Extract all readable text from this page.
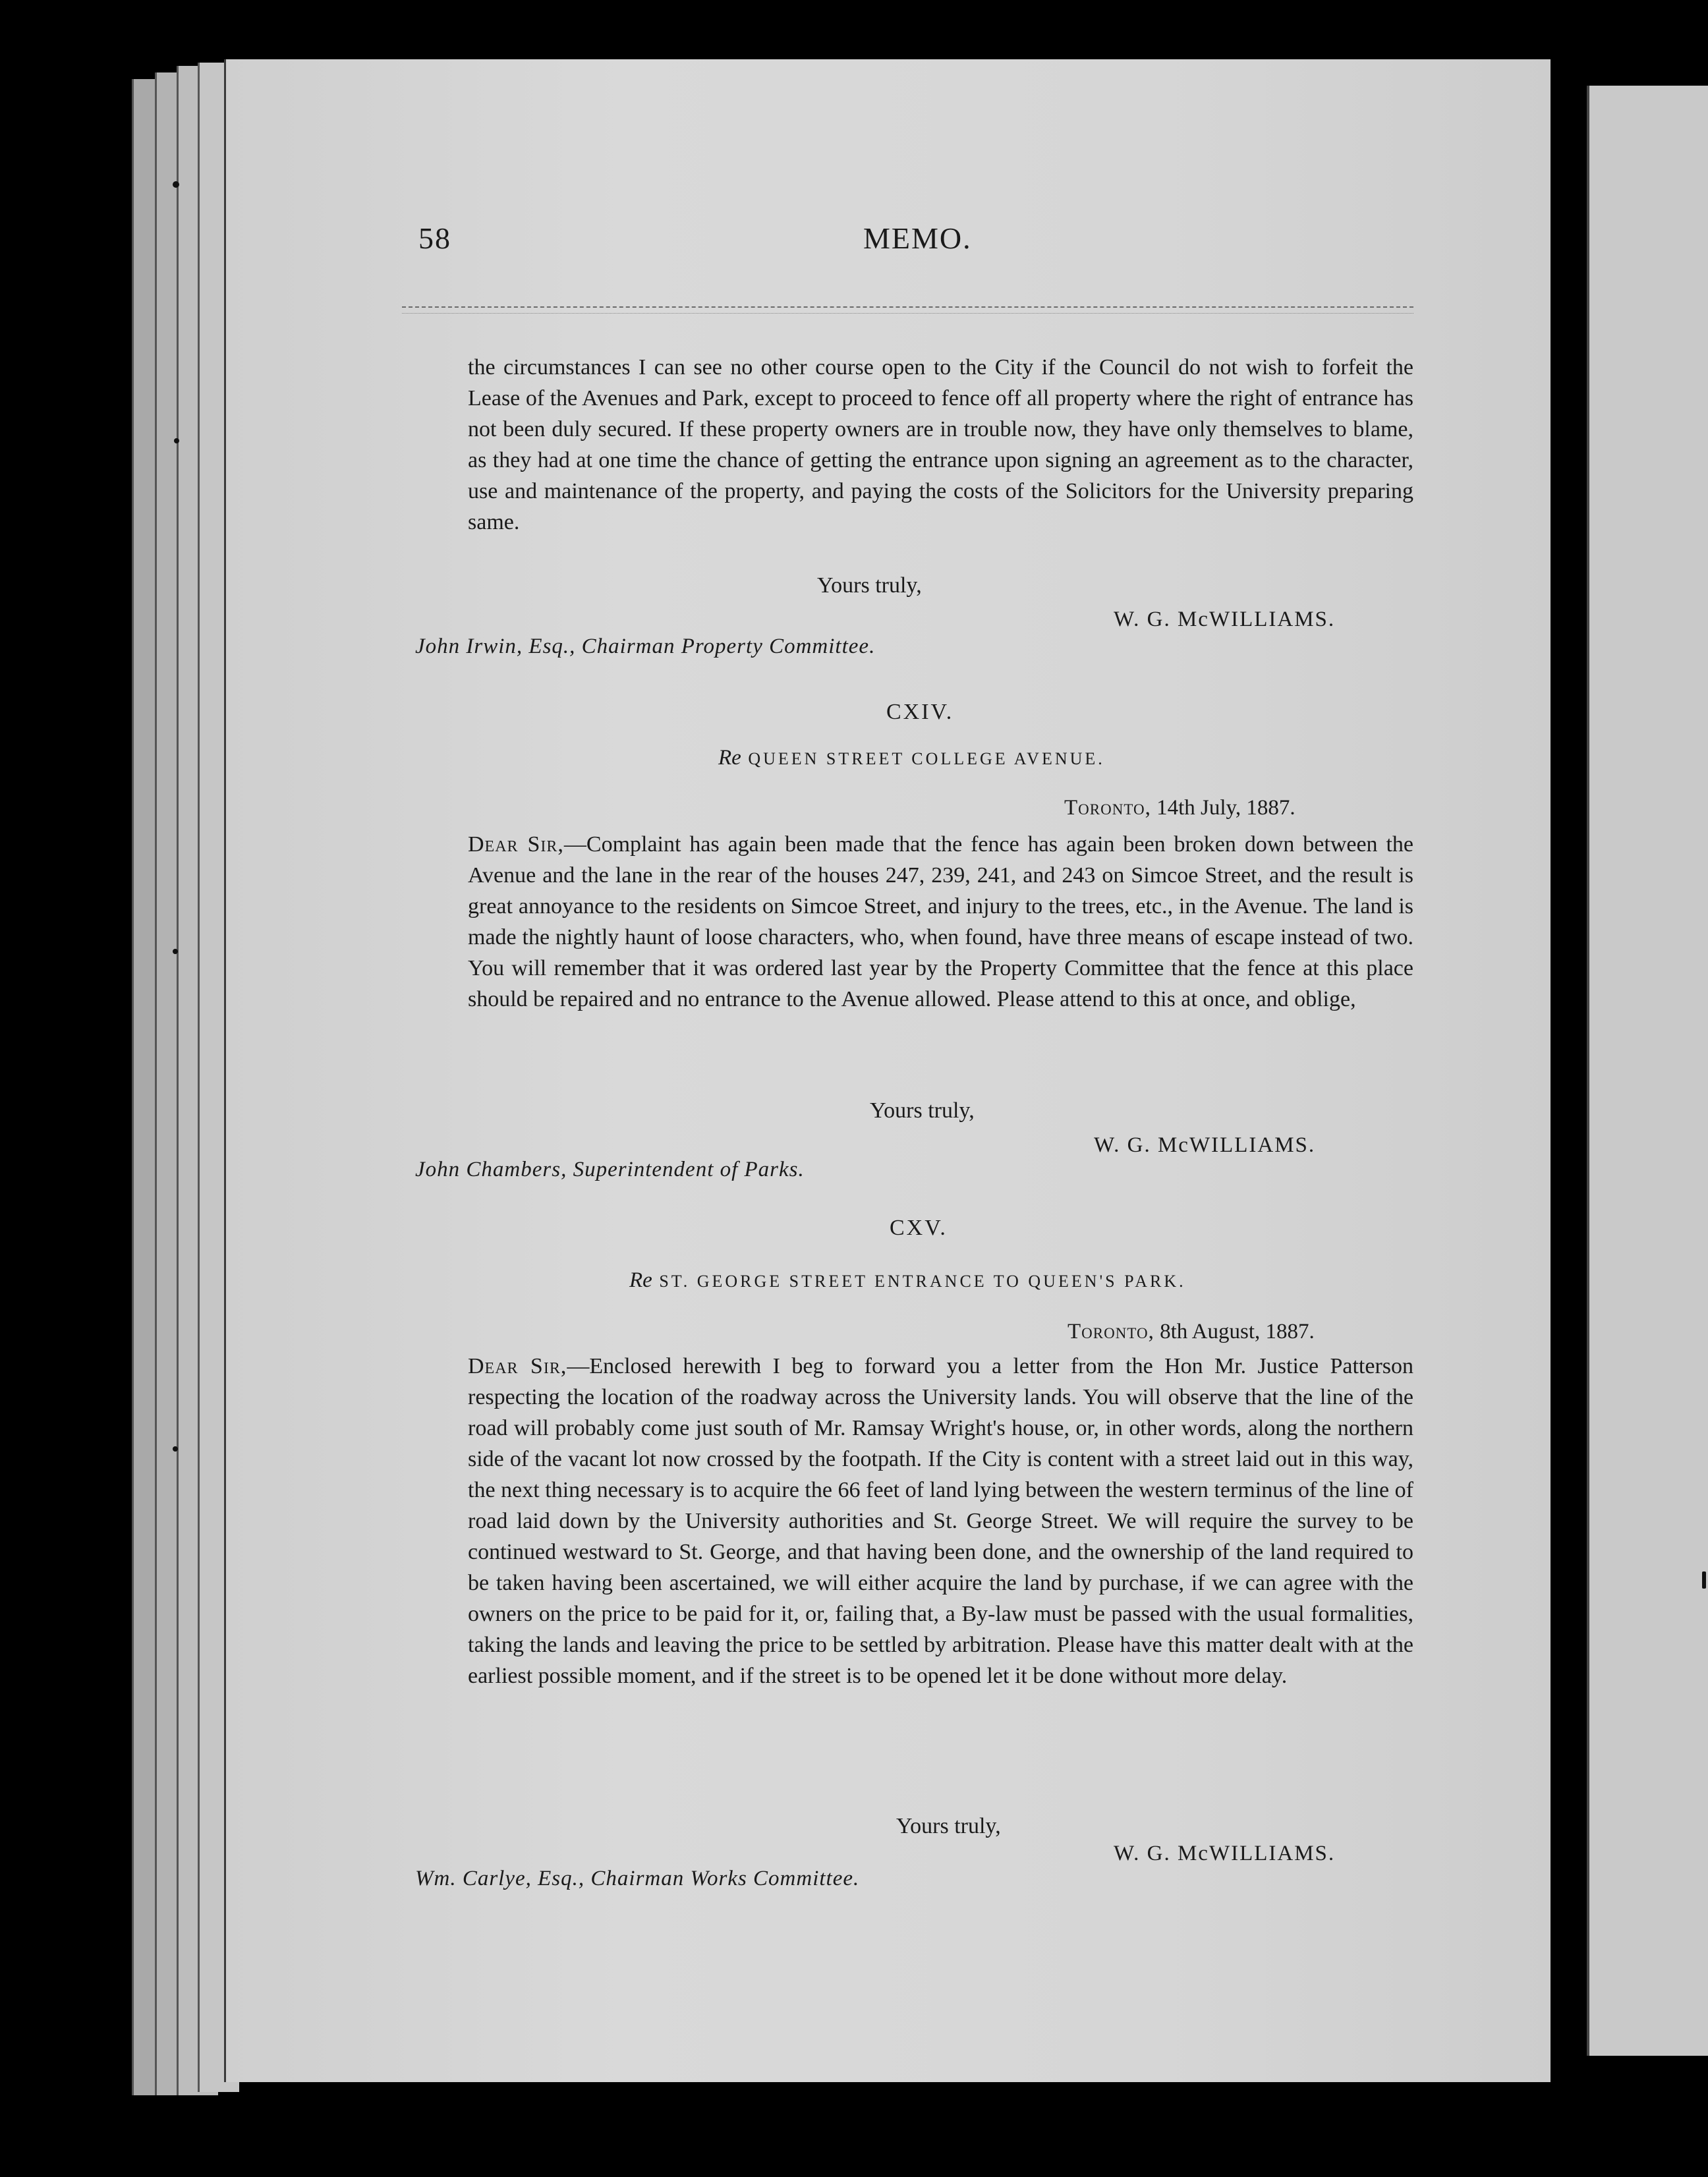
58	MEMO.
the circumstances I can see no other course open to the City if the Council do not wish to forfeit the Lease of the Avenues and Park, except to proceed to fence off all property where the right of entrance has not been duly secured. If these property owners are in trouble now, they have only themselves to blame, as they had at one time the chance of getting the entrance upon signing an agreement as to the character, use and maintenance of the property, and paying the costs of the Solicitors for the University preparing same.
Yours truly,
W. G. McWILLIAMS.
John Irwin, Esq., Chairman Property Committee.
CXIV.
Re QUEEN STREET COLLEGE AVENUE.
Toronto, 14th July, 1887.
Dear Sir,—Complaint has again been made that the fence has again been broken down between the Avenue and the lane in the rear of the houses 247, 239, 241, and 243 on Simcoe Street, and the result is great annoyance to the residents on Simcoe Street, and injury to the trees, etc., in the Avenue. The land is made the nightly haunt of loose characters, who, when found, have three means of escape instead of two. You will remember that it was ordered last year by the Property Committee that the fence at this place should be repaired and no entrance to the Avenue allowed. Please attend to this at once, and oblige,
Yours truly,
W. G. McWILLIAMS.
John Chambers, Superintendent of Parks.
CXV.
Re ST. GEORGE STREET ENTRANCE TO QUEEN'S PARK.
Toronto, 8th August, 1887.
Dear Sir,—Enclosed herewith I beg to forward you a letter from the Hon Mr. Justice Patterson respecting the location of the roadway across the University lands. You will observe that the line of the road will probably come just south of Mr. Ramsay Wright's house, or, in other words, along the northern side of the vacant lot now crossed by the footpath. If the City is content with a street laid out in this way, the next thing necessary is to acquire the 66 feet of land lying between the western terminus of the line of road laid down by the University authorities and St. George Street. We will require the survey to be continued westward to St. George, and that having been done, and the ownership of the land required to be taken having been ascertained, we will either acquire the land by purchase, if we can agree with the owners on the price to be paid for it, or, failing that, a By-law must be passed with the usual formalities, taking the lands and leaving the price to be settled by arbitration. Please have this matter dealt with at the earliest possible moment, and if the street is to be opened let it be done without more delay.
Yours truly,
W. G. McWILLIAMS.
Wm. Carlye, Esq., Chairman Works Committee.
